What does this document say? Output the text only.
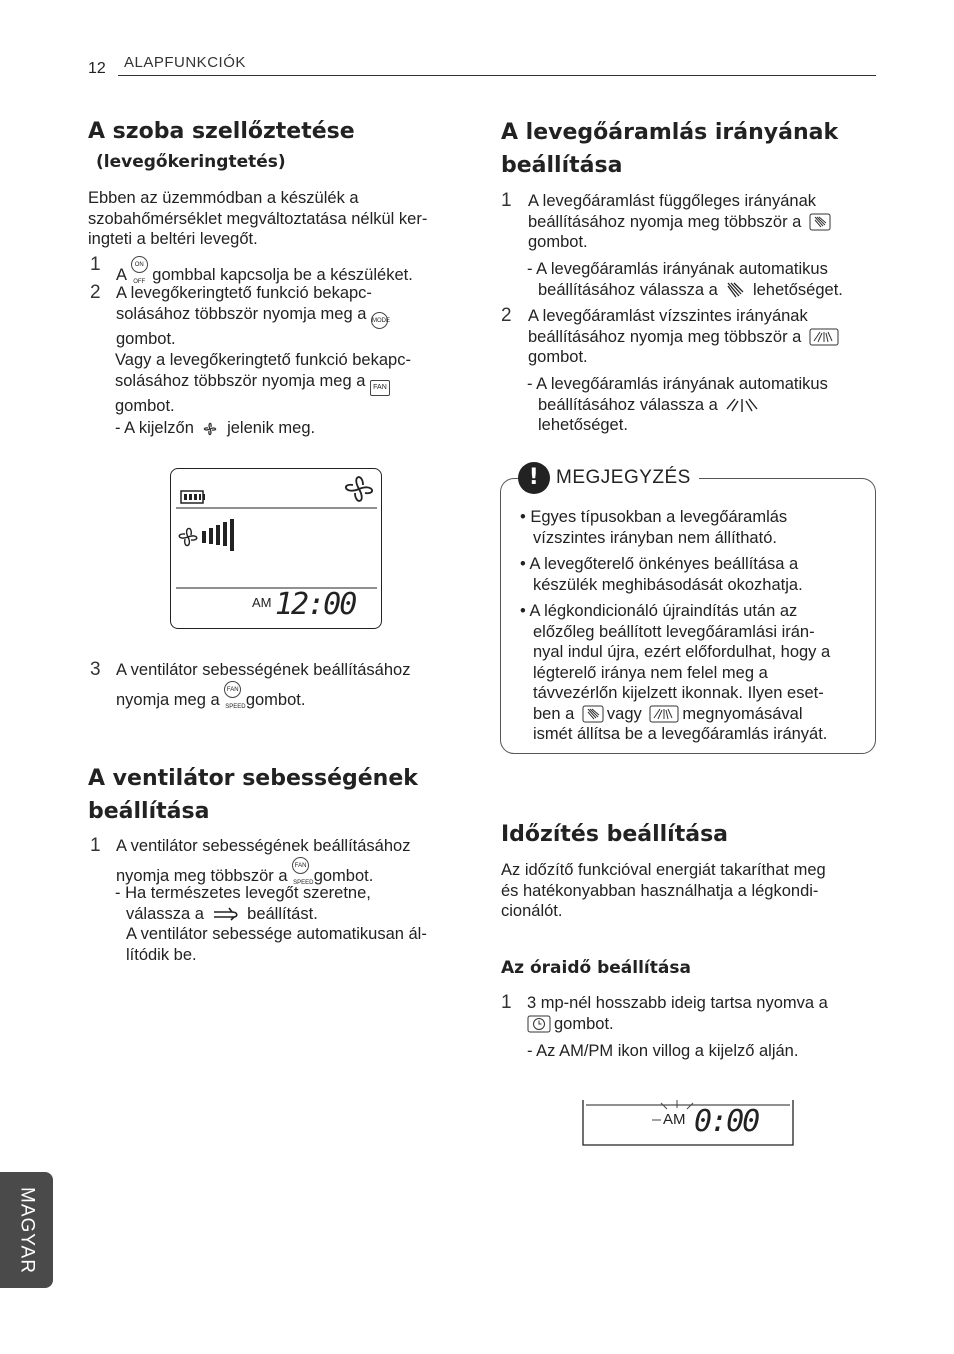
12 ALAPFUNKCIÓK
A szoba szellőztetése
(levegőkeringtetés)
Ebben az üzemmódban a készülék a
szobahőmérséklet megváltoztatása nélkül ker-
ingteti a beltéri levegőt.
1 A ON OFF gombbal kapcsolja be a készüléket.
2 A levegőkeringtető funkció bekapc-
solásához többször nyomja meg a MODE
gombot.
Vagy a levegőkeringtető funkció bekapc-
solásához többször nyomja meg a FAN
gombot.
- A kijelzőn jelenik meg.
AM 12:00
3 A ventilátor sebességének beállításához
nyomja meg a FAN SPEED gombot.
A ventilátor sebességének
beállítása
1 A ventilátor sebességének beállításához
nyomja meg többször a FAN SPEED gombot.
- Ha természetes levegőt szeretne,
válassza a	beállítást.
A ventilátor sebessége automatikusan ál-
lítódik be.
A levegőáramlás irányának
beállítása
1 A levegőáramlást függőleges irányának
beállításához nyomja meg többször a
gombot.
- A levegőáramlás irányának automatikus
beállításához válassza a lehetőséget.
2 A levegőáramlást vízszintes irányának
beállításához nyomja meg többször a
gombot.
- A levegőáramlás irányának automatikus
beállításához válassza a
lehetőséget.
! MEGJEGYZÉS
• Egyes típusokban a levegőáramlás
vízszintes irányban nem állítható.
• A levegőterelő önkényes beállítása a
készülék meghibásodását okozhatja.
• A légkondicionáló újraindítás után az
előzőleg beállított levegőáramlási irán-
nyal indul újra, ezért előfordulhat, hogy a
légterelő iránya nem felel meg a
távvezérlőn kijelzett ikonnak. Ilyen eset-
ben a vagy megnyomásával
ismét állítsa be a levegőáramlás irányát.
Időzítés beállítása
Az időzítő funkcióval energiát takaríthat meg
és hatékonyabban használhatja a légkondi-
cionálót.
Az óraidő beállítása
1 3 mp-nél hosszabb ideig tartsa nyomva a
gombot.
- Az AM/PM ikon villog a kijelző alján.
AM 0:00
MAGYAR
